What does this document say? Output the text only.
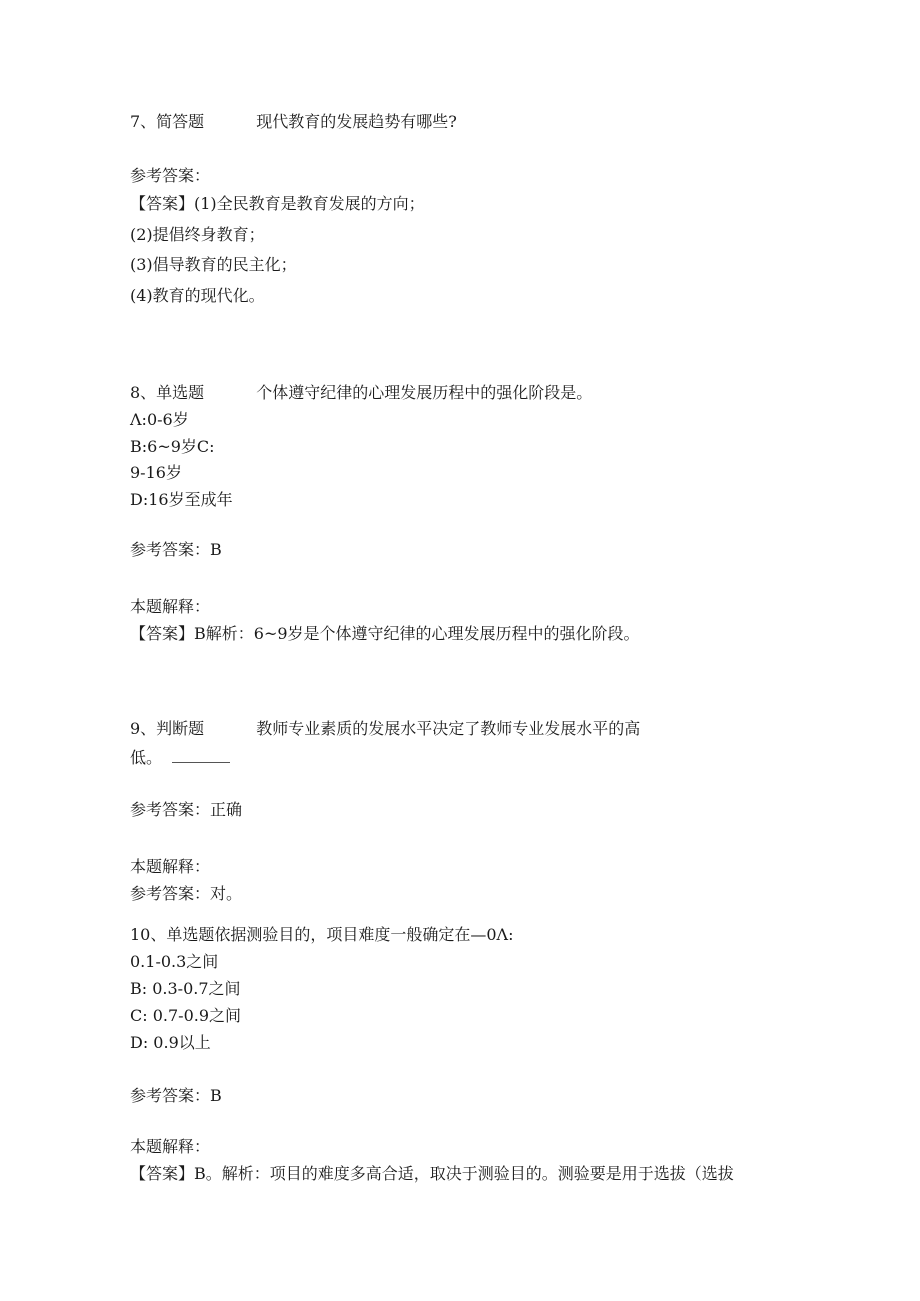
7、简答题	现代教育的发展趋势有哪些?
参考答案：
【答案】(1)全民教育是教育发展的方向；
(2)提倡终身教育；
(3)倡导教育的民主化；
(4)教育的现代化。
8、单选题	个体遵守纪律的心理发展历程中的强化阶段是。
Λ:0-6岁
B:6~9岁C:
9-16岁
D:16岁至成年
参考答案：B
本题解释：
【答案】B解析：6~9岁是个体遵守纪律的心理发展历程中的强化阶段。
9、判断题	教师专业素质的发展水平决定了教师专业发展水平的高
低。
参考答案：正确
本题解释：
参考答案：对。
10、单选题依据测验目的，项目难度一般确定在—0Λ:
0.1-0.3之间
B: 0.3-0.7之间
C: 0.7-0.9之间
D: 0.9以上
参考答案：B
本题解释：
【答案】B。解析：项目的难度多高合适，取决于测验目的。测验要是用于选拔（选拔
